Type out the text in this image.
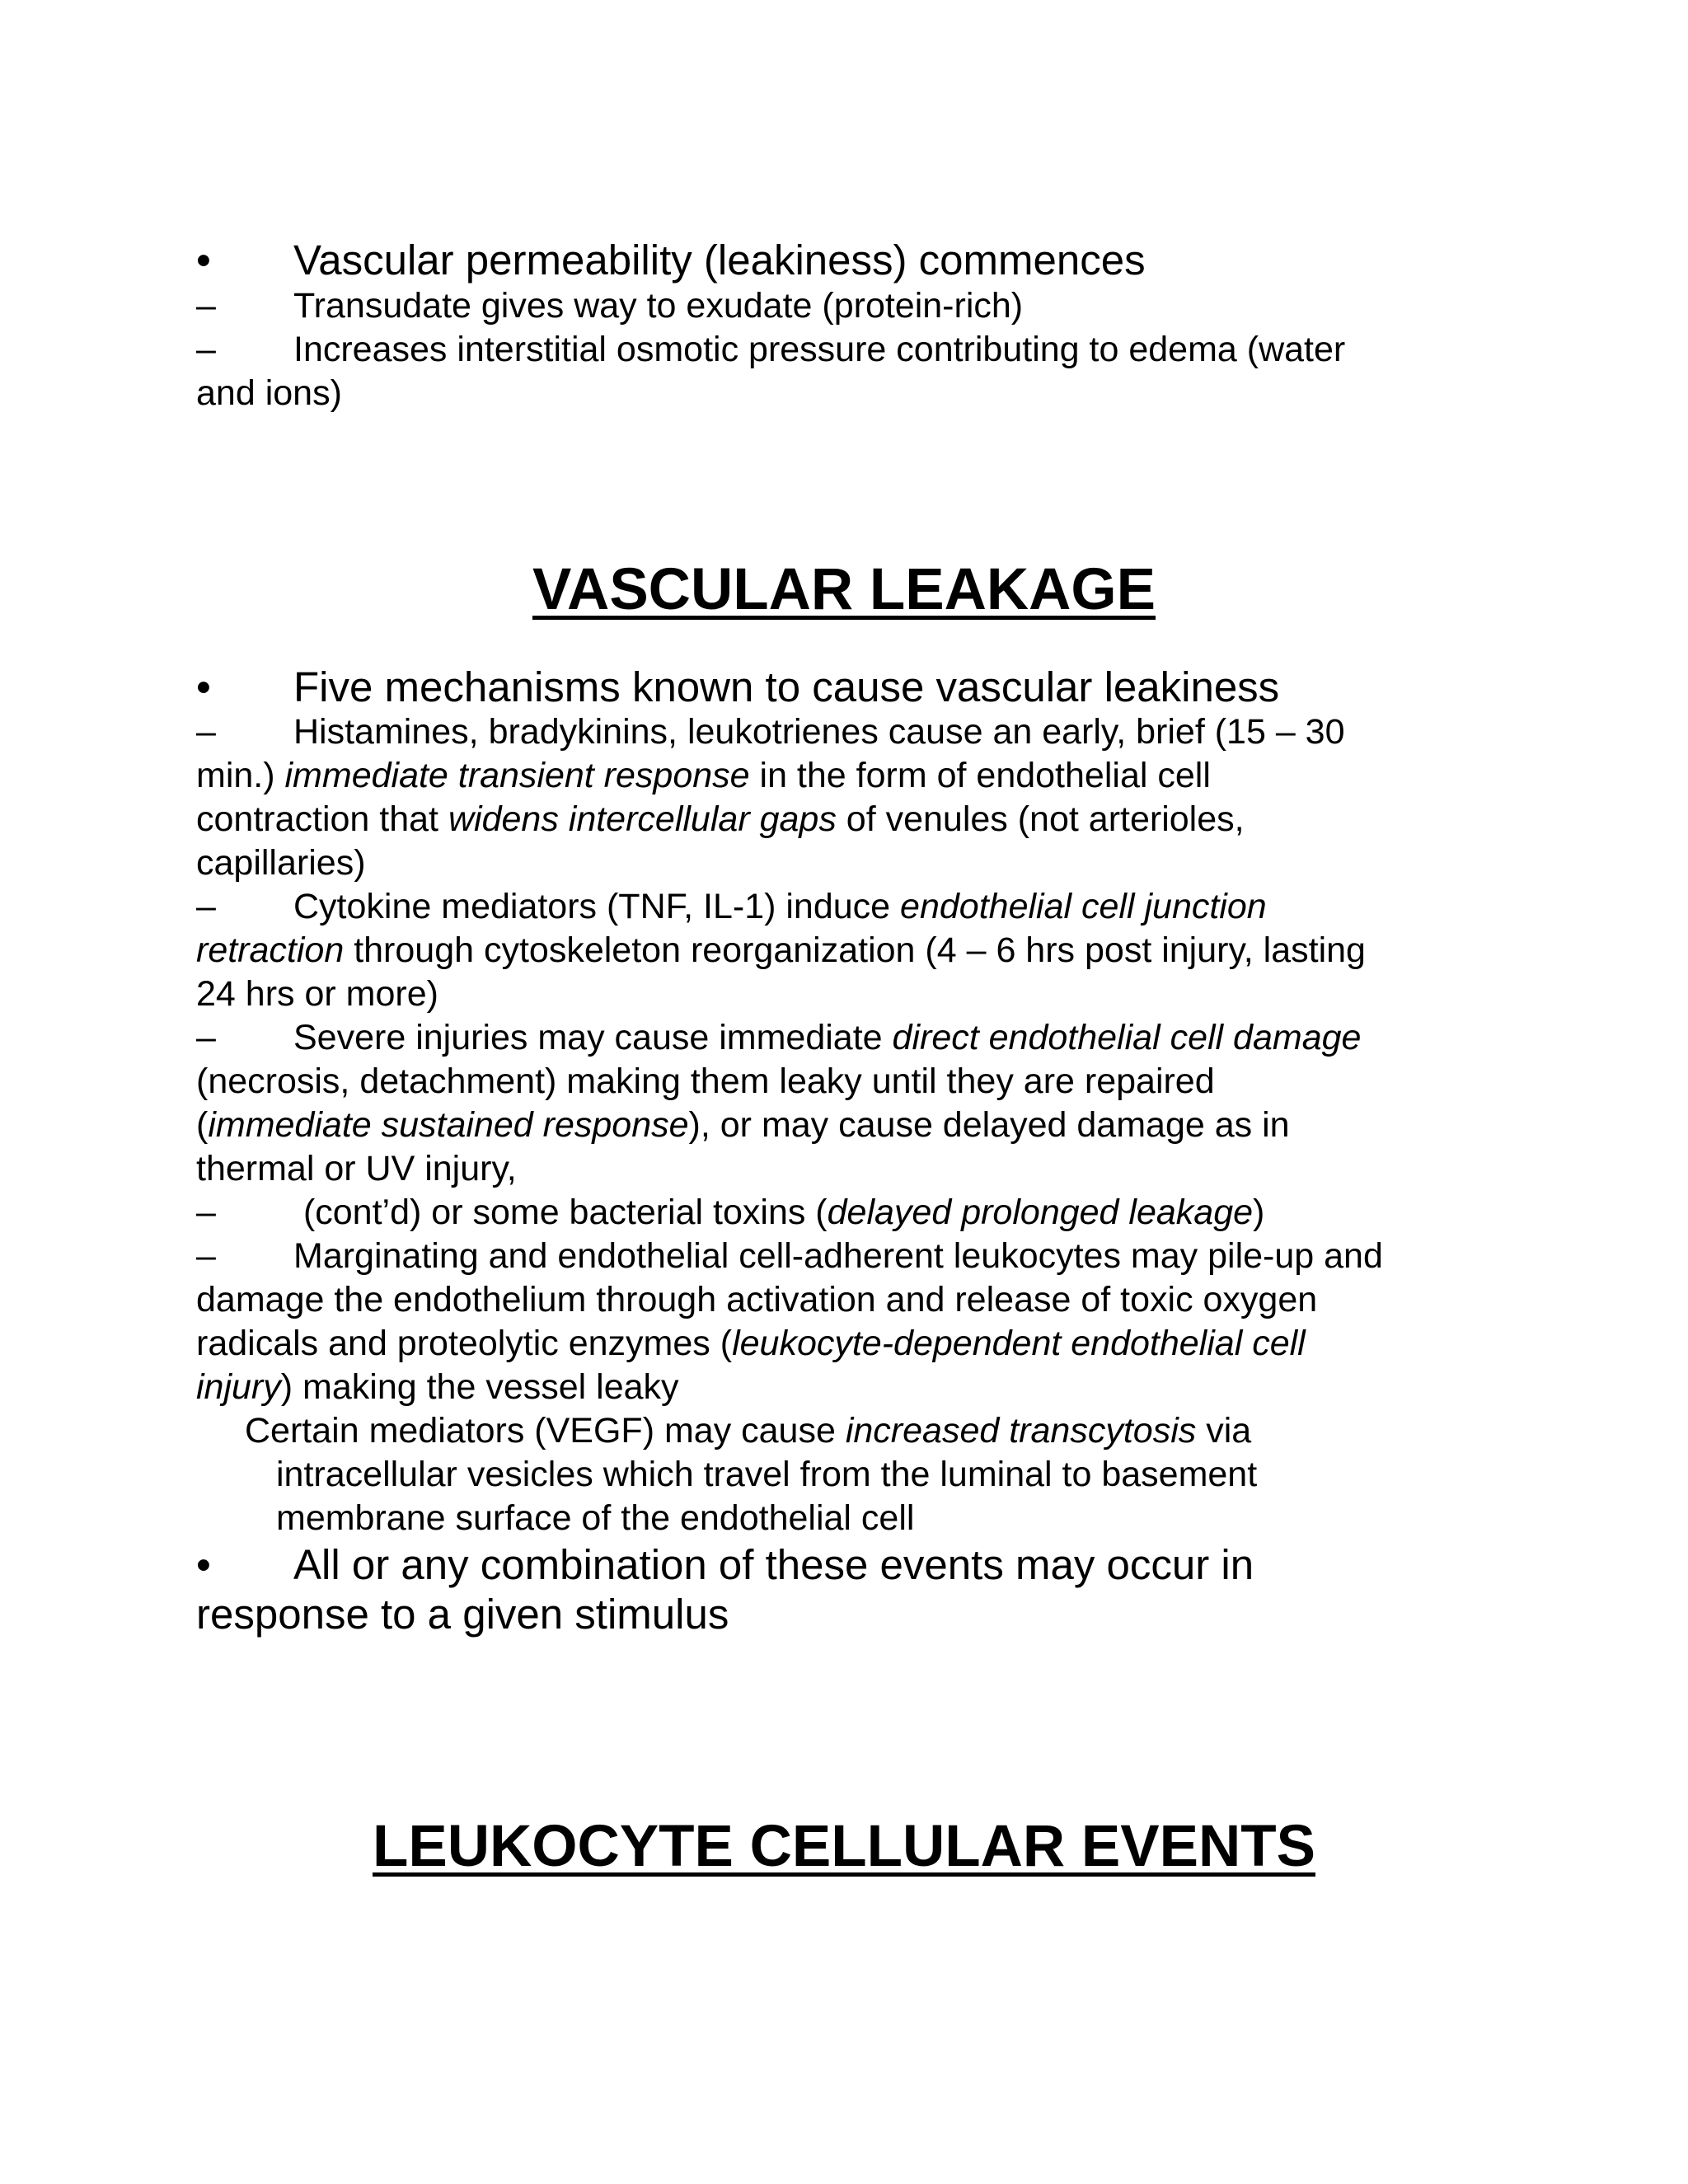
• Vascular permeability (leakiness) commences
– Transudate gives way to exudate (protein-rich)
– Increases interstitial osmotic pressure contributing to edema (water
and ions)
VASCULAR LEAKAGE
• Five mechanisms known to cause vascular leakiness
– Histamines, bradykinins, leukotrienes cause an early, brief (15 – 30
min.) immediate transient response in the form of endothelial cell
contraction that widens intercellular gaps of venules (not arterioles,
capillaries)
– Cytokine mediators (TNF, IL-1) induce endothelial cell junction
retraction through cytoskeleton reorganization (4 – 6 hrs post injury, lasting
24 hrs or more)
– Severe injuries may cause immediate direct endothelial cell damage
(necrosis, detachment) making them leaky until they are repaired
(immediate sustained response), or may cause delayed damage as in
thermal or UV injury,
– (cont’d) or some bacterial toxins (delayed prolonged leakage)
– Marginating and endothelial cell-adherent leukocytes may pile-up and
damage the endothelium through activation and release of toxic oxygen
radicals and proteolytic enzymes (leukocyte-dependent endothelial cell
injury) making the vessel leaky
Certain mediators (VEGF) may cause increased transcytosis via
intracellular vesicles which travel from the luminal to basement
membrane surface of the endothelial cell
• All or any combination of these events may occur in
response to a given stimulus
LEUKOCYTE CELLULAR EVENTS
